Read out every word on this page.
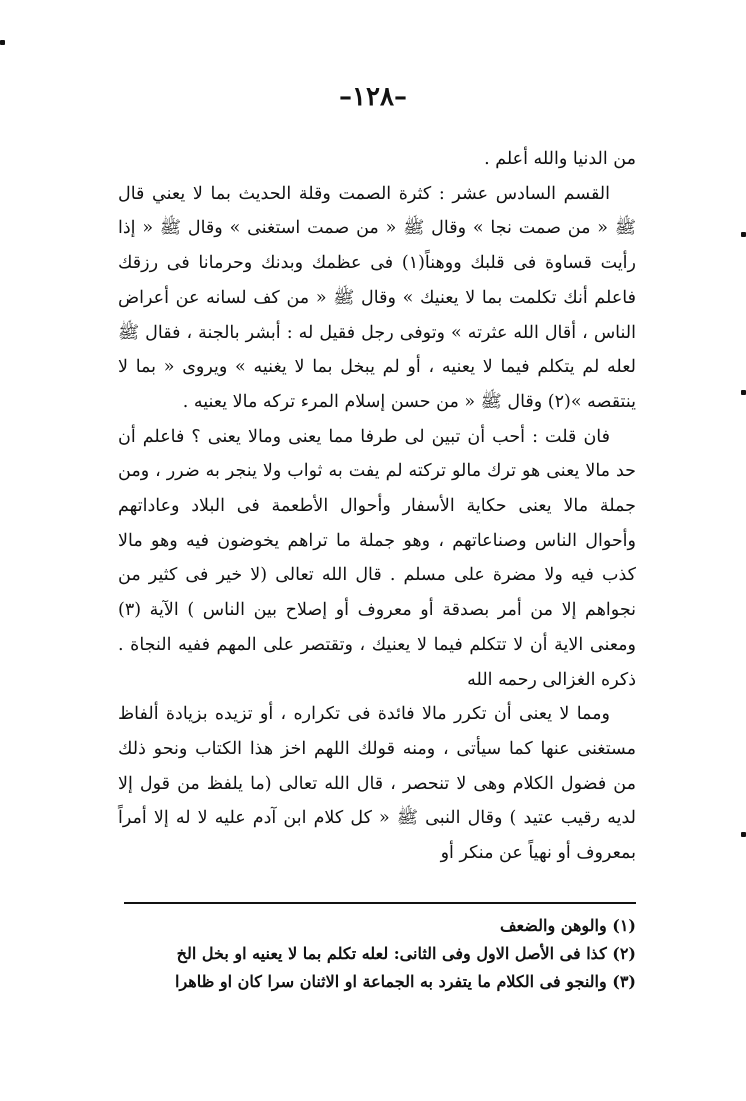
–١٢٨–

من الدنيا والله أعلم .

القسم السادس عشر : كثرة الصمت وقلة الحديث بما لا يعني قال ﷺ « من صمت نجا » وقال ﷺ « من صمت استغنى » وقال ﷺ « إذا رأيت قساوة فى قلبك ووهناً(١) فى عظمك وبدنك وحرمانا فى رزقك فاعلم أنك تكلمت بما لا يعنيك » وقال ﷺ « من كف لسانه عن أعراض الناس ، أقال الله عثرته » وتوفى رجل فقيل له : أبشر بالجنة ، فقال ﷺ لعله لم يتكلم فيما لا يعنيه ، أو لم يبخل بما لا يغنيه » ويروى « بما لا ينتقصه »(٢) وقال ﷺ « من حسن إسلام المرء تركه مالا يعنيه .

فان قلت : أحب أن تبين لى طرفا مما يعنى ومالا يعنى ؟ فاعلم أن حد مالا يعنى هو ترك مالو تركته لم يفت به ثواب ولا ينجر به ضرر ، ومن جملة مالا يعنى حكاية الأسفار وأحوال الأطعمة فى البلاد وعاداتهم وأحوال الناس وصناعاتهم ، وهو جملة ما تراهم يخوضون فيه وهو مالا كذب فيه ولا مضرة على مسلم . قال الله تعالى (لا خير فى كثير من نجواهم إلا من أمر بصدقة أو معروف أو إصلاح بين الناس ) الآية (٣) ومعنى الاية أن لا تتكلم فيما لا يعنيك ، وتقتصر على المهم ففيه النجاة . ذكره الغزالى رحمه الله

ومما لا يعنى أن تكرر مالا فائدة فى تكراره ، أو تزيده بزيادة ألفاظ مستغنى عنها كما سيأتى ، ومنه قولك اللهم اخز هذا الكتاب ونحو ذلك من فضول الكلام وهى لا تنحصر ، قال الله تعالى (ما يلفظ من قول إلا لديه رقيب عتيد ) وقال النبى ﷺ « كل كلام ابن آدم عليه لا له إلا أمراً بمعروف أو نهياً عن منكر أو

(١) والوهن والضعف
(٢) كذا فى الأصل الاول وفى الثانى: لعله تكلم بما لا يعنيه او بخل الخ
(٣) والنجو فى الكلام ما يتفرد به الجماعة او الاثنان سرا كان او ظاهرا
